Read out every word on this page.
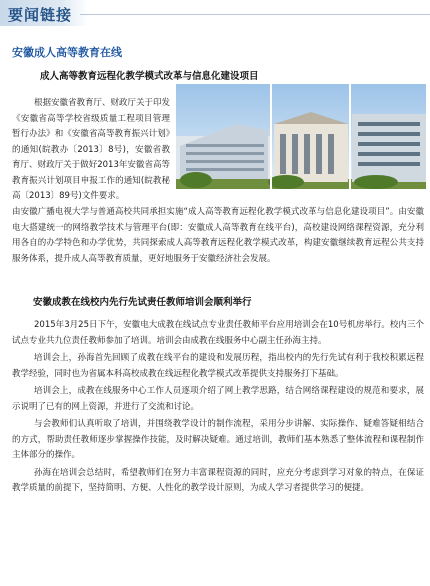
要闻链接
安徽成人高等教育在线
成人高等教育远程化教学模式改革与信息化建设项目
根据安徽省教育厅、财政厅关于印发《安徽省高等学校省级质量工程项目管理暂行办法》和《安徽省高等教育振兴计划》的通知(皖教办〔2013〕8号)，安徽省教育厅、财政厅关于做好2013年安徽省高等教育振兴计划项目申报工作的通知(皖教秘高〔2013〕89号)文件要求。
由安徽广播电视大学与普通高校共同承担实施“成人高等教育远程化教学模式改革与信息化建设项目”。由安徽电大搭建统一的网络教学技术与管理平台(即：安徽成人高等教育在线平台)，高校建设网络课程资源，充分利用各自的办学特色和办学优势，共同探索成人高等教育远程化教学模式改革，构建安徽继续教育远程公共支持服务体系，提升成人高等教育质量，更好地服务于安徽经济社会发展。
安徽成教在线校内先行先试责任教师培训会顺利举行

2015年3月25日下午，安徽电大成教在线试点专业责任教师平台应用培训会在10号机房举行。校内三个试点专业共九位责任教师参加了培训。培训会由成教在线服务中心副主任孙海主持。

培训会上，孙海首先回顾了成教在线平台的建设和发展历程，指出校内的先行先试有利于我校积累远程教学经验，同时也为省属本科高校成教在线远程化教学模式改革提供支持服务打下基础。

培训会上，成教在线服务中心工作人员逐项介绍了网上教学思路，结合网络课程建设的规范和要求，展示说明了已有的网上资源，并进行了交流和讨论。

与会教师们认真听取了培训，并围绕教学设计的制作流程，采用分步讲解、实际操作、疑难答疑相结合的方式，帮助责任教师逐步掌握操作技能，及时解决疑难。通过培训，教师们基本熟悉了整体流程和课程制作主体部分的操作。

孙海在培训会总结时，希望教师们在努力丰富课程资源的同时，应充分考虑到学习对象的特点，在保证教学质量的前提下，坚持简明、方便、人性化的教学设计原则，为成人学习者提供学习的便捷。
